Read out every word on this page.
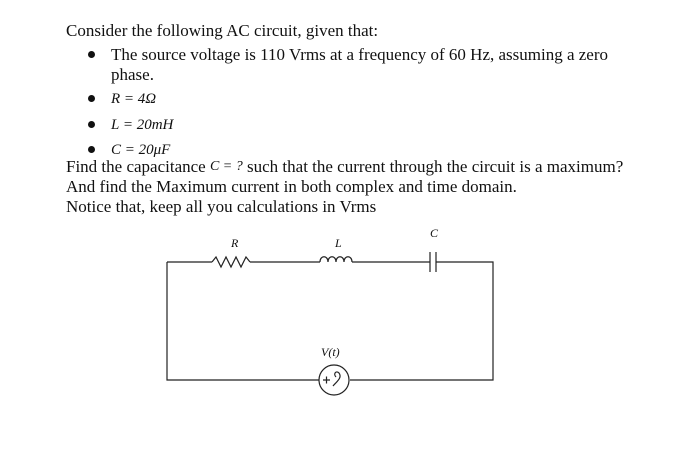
Consider the following AC circuit, given that:
The source voltage is 110 Vrms at a frequency of 60 Hz, assuming a zero phase.
R = 4Ω
L = 20mH
C = 20μF
Find the capacitance C = ? such that the current through the circuit is a maximum?
And find the Maximum current in both complex and time domain.
Notice that, keep all you calculations in Vrms
R	L
C
V(t)
